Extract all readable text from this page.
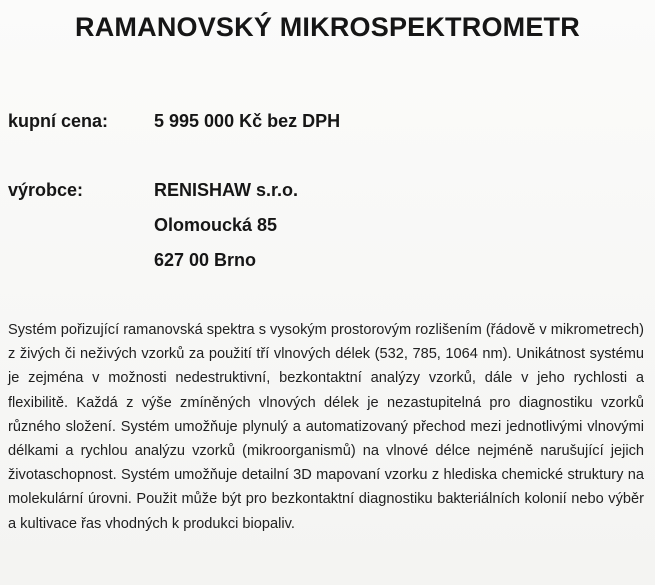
RAMANOVSKÝ MIKROSPEKTROMETR
kupní cena:	5 995 000 Kč bez DPH
výrobce:	RENISHAW s.r.o.
Olomoucká 85
627 00 Brno
Systém pořizující ramanovská spektra s vysokým prostorovým rozlišením (řádově v mikrometrech) z živých či neživých vzorků za použití tří vlnových délek (532, 785, 1064 nm). Unikátnost systému je zejména v možnosti nedestruktivní, bezkontaktní analýzy vzorků, dále v jeho rychlosti a flexibilitě. Každá z výše zmíněných vlnových délek je nezastupitelná pro diagnostiku vzorků různého složení. Systém umožňuje plynulý a automatizovaný přechod mezi jednotlivými vlnovými délkami a rychlou analýzu vzorků (mikroorganismů) na vlnové délce nejméně narušující jejich životaschopnost. Systém umožňuje detailní 3D mapovaní vzorku z hlediska chemické struktury na molekulární úrovni. Použit může být pro bezkontaktní diagnostiku bakteriálních kolonií nebo výběr a kultivace řas vhodných k produkci biopaliv.
